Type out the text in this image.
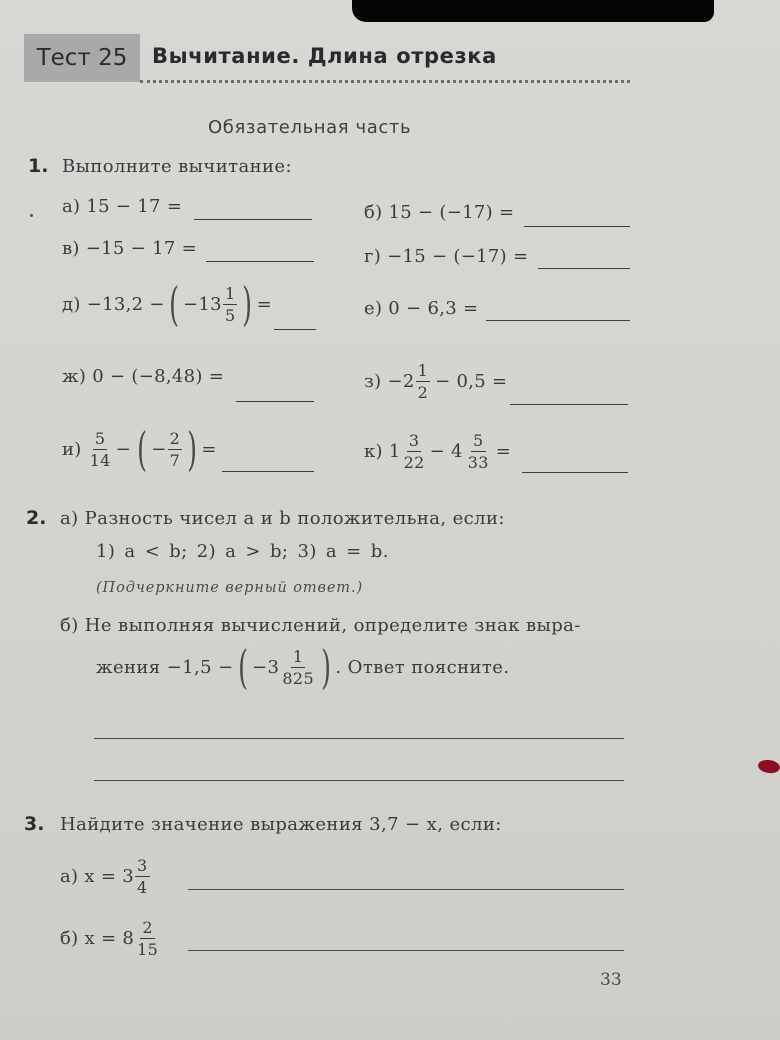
Тест 25	Вычитание. Длина отрезка
Обязательная часть
1. Выполните вычитание:
а) 15 − 17 =	б) 15 − (−17) =
в) −15 − 17 =	г) −15 − (−17) =
д) −13,2 − ( $-13 \frac{1}{5}$ ) =	е) 0 − 6,3 =
ж) 0 − (−8,48) =	$з) -2 \frac{1}{2} - 0,5$ =
$и) \frac{5}{14}$ − ( − $\frac{2}{7}$ ) =	к) $1 \frac{3}{22} - 4 \frac{5}{33}$ =
2. а) Разность чисел a и b положительна, если:
1) a < b; 2) a > b; 3) a = b.
(Подчеркните верный ответ.)
б) Не выполняя вычислений, определите знак выра-
жения −1,5 − ( $-3 \frac{1}{825}$ ) . Ответ поясните.
3. Найдите значение выражения 3,7 − x, если:
а) $x = 3 \frac{3}{4}$
б) $x = 8 \frac{2}{15}$
33
